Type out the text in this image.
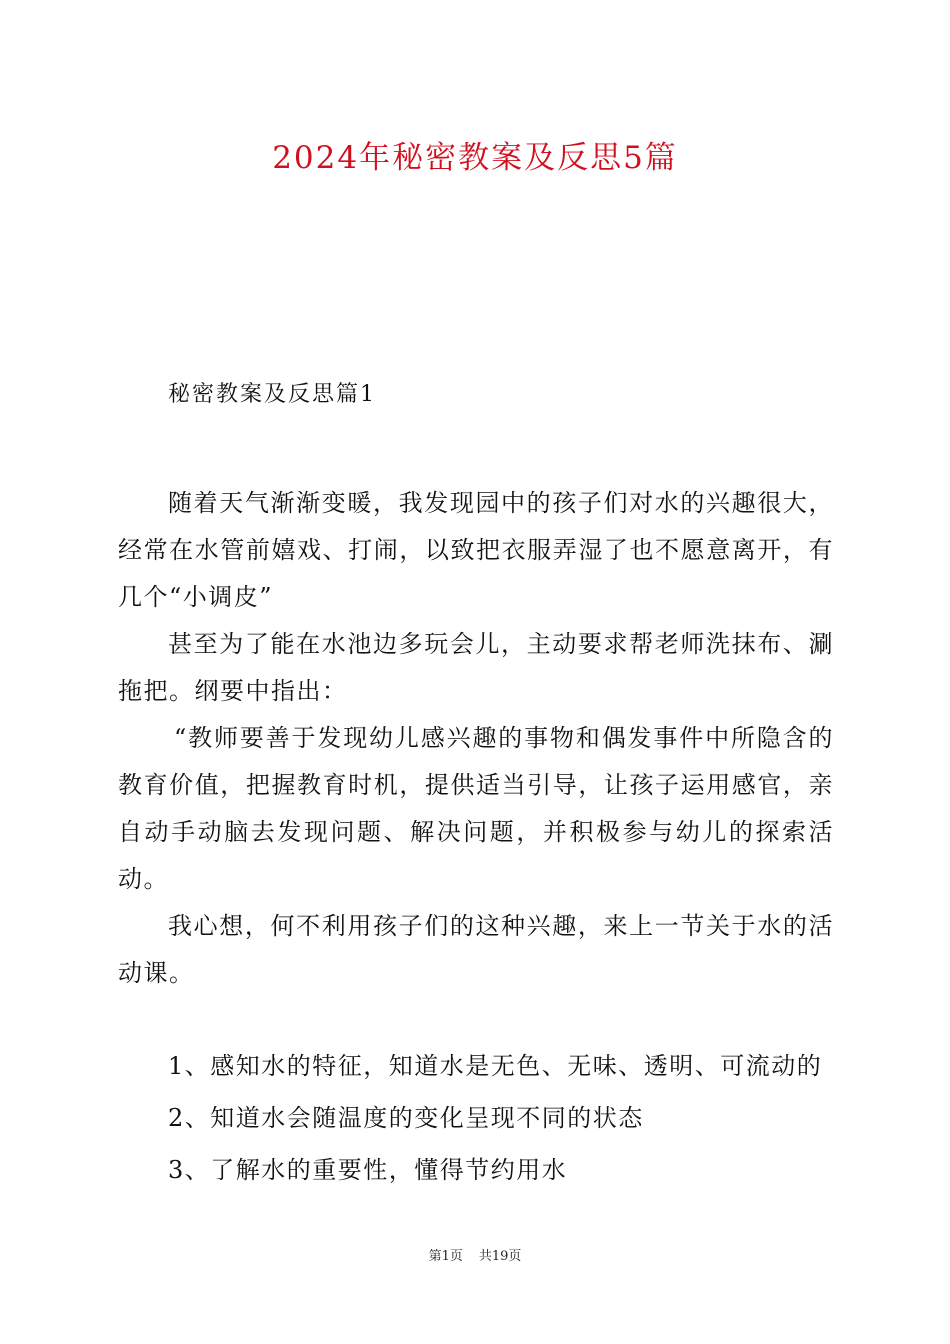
2024年秘密教案及反思5篇
秘密教案及反思篇1

随着天气渐渐变暖，我发现园中的孩子们对水的兴趣很大，经常在水管前嬉戏、打闹，以致把衣服弄湿了也不愿意离开，有几个“小调皮”

甚至为了能在水池边多玩会儿，主动要求帮老师洗抹布、涮拖把。纲要中指出：

“教师要善于发现幼儿感兴趣的事物和偶发事件中所隐含的教育价值，把握教育时机，提供适当引导，让孩子运用感官，亲自动手动脑去发现问题、解决问题，并积极参与幼儿的探索活动。

我心想，何不利用孩子们的这种兴趣，来上一节关于水的活动课。

1、感知水的特征，知道水是无色、无味、透明、可流动的

2、知道水会随温度的变化呈现不同的状态

3、了解水的重要性，懂得节约用水

第1页 共19页
